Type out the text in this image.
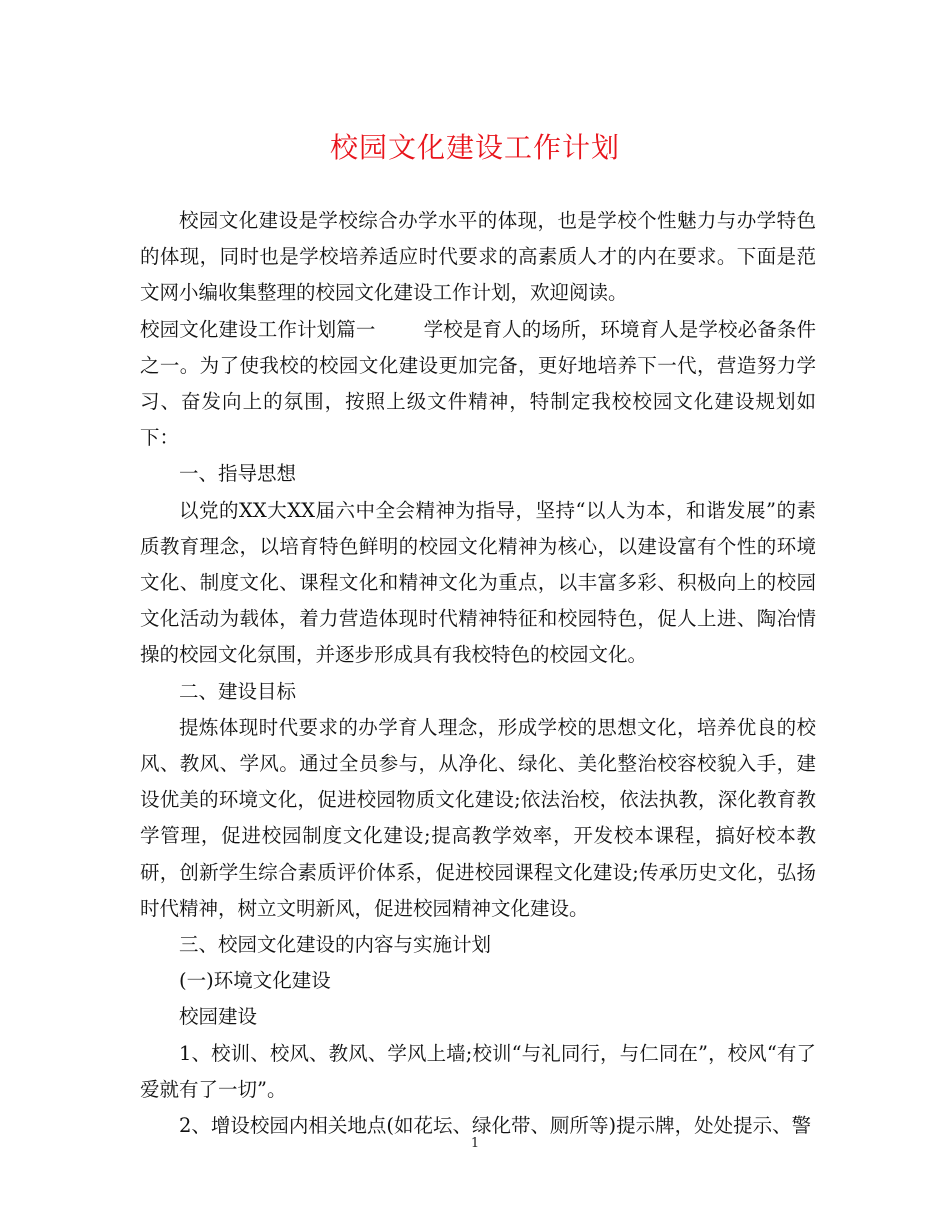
校园文化建设工作计划

校园文化建设是学校综合办学水平的体现，也是学校个性魅力与办学特色的体现，同时也是学校培养适应时代要求的高素质人才的内在要求。下面是范文网小编收集整理的校园文化建设工作计划，欢迎阅读。

校园文化建设工作计划篇一 学校是育人的场所，环境育人是学校必备条件之一。为了使我校的校园文化建设更加完备，更好地培养下一代，营造努力学习、奋发向上的氛围，按照上级文件精神，特制定我校校园文化建设规划如下：

一、指导思想

以党的XX大XX届六中全会精神为指导，坚持“以人为本，和谐发展”的素质教育理念，以培育特色鲜明的校园文化精神为核心，以建设富有个性的环境文化、制度文化、课程文化和精神文化为重点，以丰富多彩、积极向上的校园文化活动为载体，着力营造体现时代精神特征和校园特色，促人上进、陶冶情操的校园文化氛围，并逐步形成具有我校特色的校园文化。

二、建设目标

提炼体现时代要求的办学育人理念，形成学校的思想文化，培养优良的校风、教风、学风。通过全员参与，从净化、绿化、美化整治校容校貌入手，建设优美的环境文化，促进校园物质文化建设;依法治校，依法执教，深化教育教学管理，促进校园制度文化建设;提高教学效率，开发校本课程，搞好校本教研，创新学生综合素质评价体系，促进校园课程文化建设;传承历史文化，弘扬时代精神，树立文明新风，促进校园精神文化建设。

三、校园文化建设的内容与实施计划

(一)环境文化建设

校园建设

1、校训、校风、教风、学风上墙;校训“与礼同行，与仁同在”，校风“有了爱就有了一切”。

2、增设校园内相关地点(如花坛、绿化带、厕所等)提示牌，处处提示、警

1
